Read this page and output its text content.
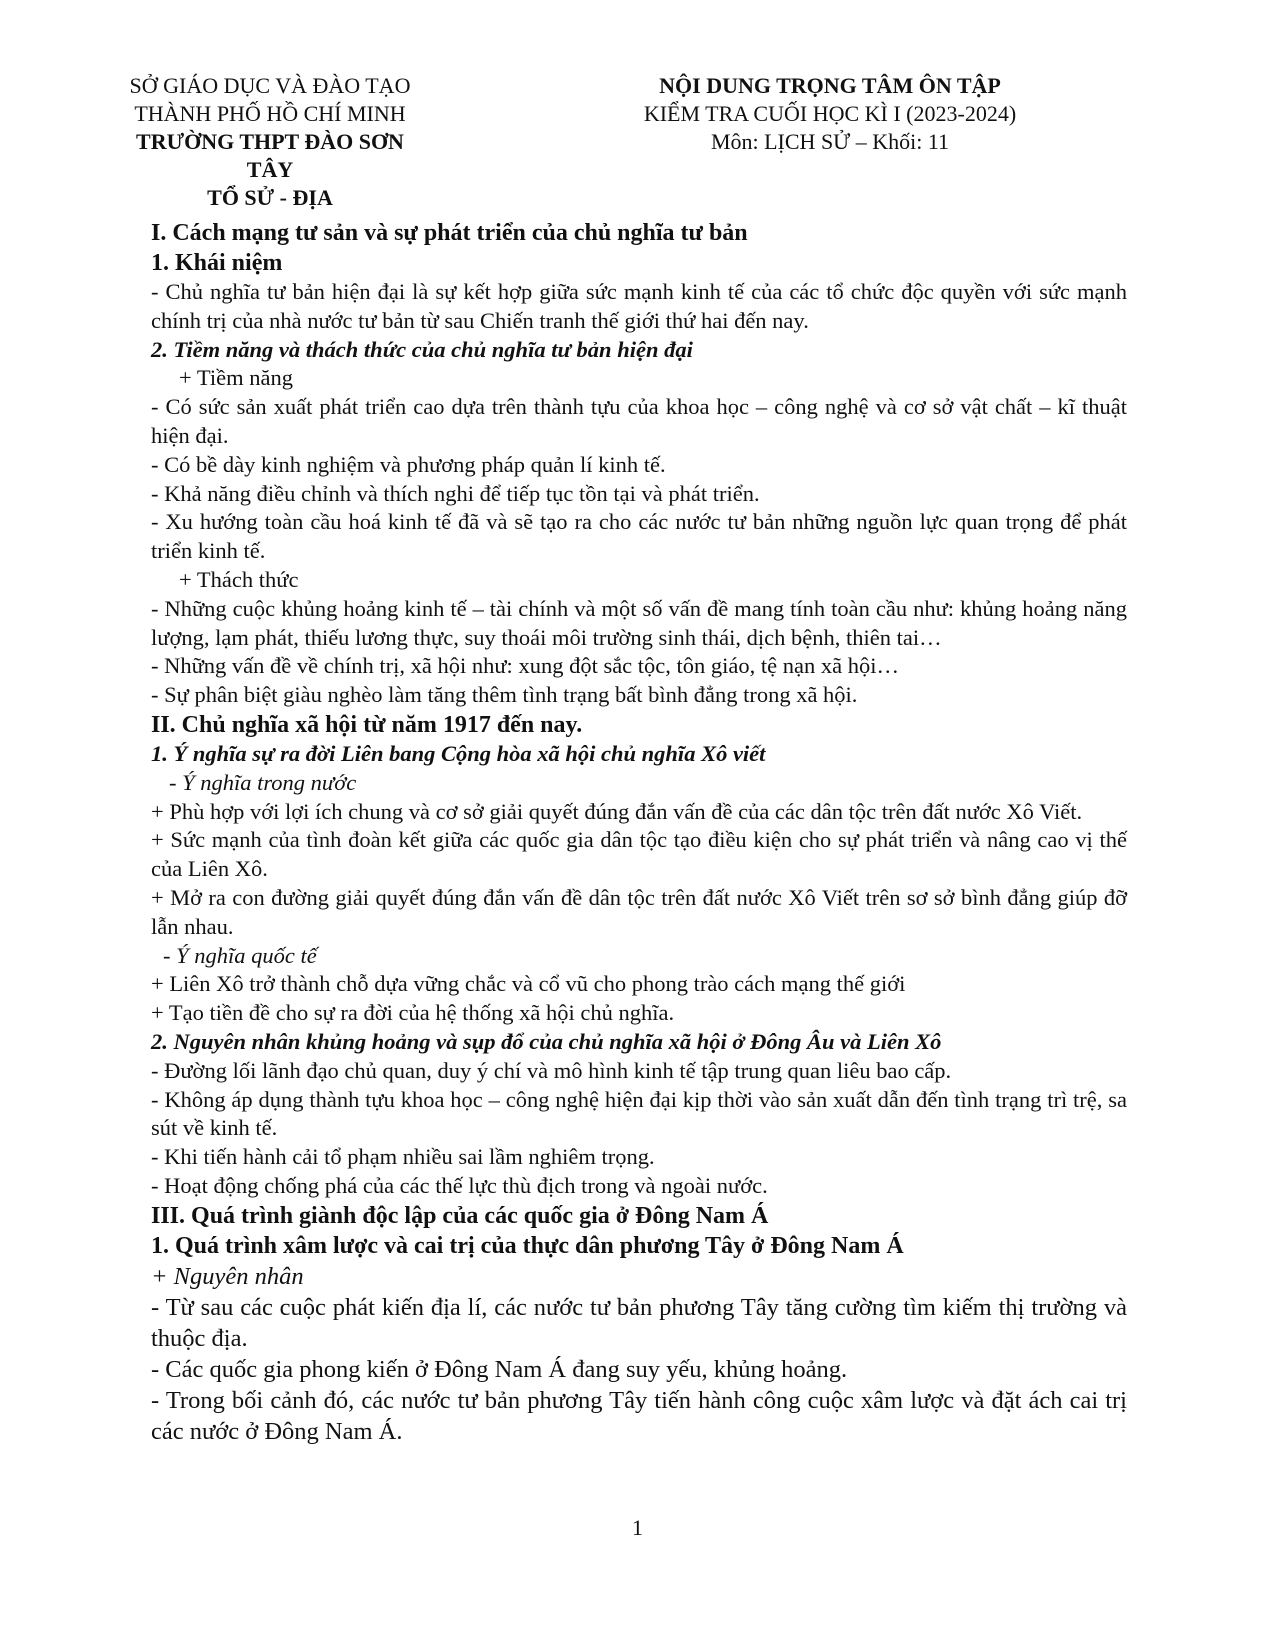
SỞ GIÁO DỤC VÀ ĐÀO TẠO
THÀNH PHỐ HỒ CHÍ MINH
TRƯỜNG THPT ĐÀO SƠN TÂY
TỔ SỬ - ĐỊA
NỘI DUNG TRỌNG TÂM ÔN TẬP
KIỂM TRA CUỐI HỌC KÌ I (2023-2024)
Môn: LỊCH SỬ – Khối: 11

I. Cách mạng tư sản và sự phát triển của chủ nghĩa tư bản

1. Khái niệm

- Chủ nghĩa tư bản hiện đại là sự kết hợp giữa sức mạnh kinh tế của các tổ chức độc quyền với sức mạnh chính trị của nhà nước tư bản từ sau Chiến tranh thế giới thứ hai đến nay.

2. Tiềm năng và thách thức của chủ nghĩa tư bản hiện đại

+ Tiềm năng

- Có sức sản xuất phát triển cao dựa trên thành tựu của khoa học – công nghệ và cơ sở vật chất – kĩ thuật hiện đại.

- Có bề dày kinh nghiệm và phương pháp quản lí kinh tế.

- Khả năng điều chỉnh và thích nghi để tiếp tục tồn tại và phát triển.

- Xu hướng toàn cầu hoá kinh tế đã và sẽ tạo ra cho các nước tư bản những nguồn lực quan trọng để phát triển kinh tế.

+ Thách thức

- Những cuộc khủng hoảng kinh tế – tài chính và một số vấn đề mang tính toàn cầu như: khủng hoảng năng lượng, lạm phát, thiếu lương thực, suy thoái môi trường sinh thái, dịch bệnh, thiên tai…

- Những vấn đề về chính trị, xã hội như: xung đột sắc tộc, tôn giáo, tệ nạn xã hội…

- Sự phân biệt giàu nghèo làm tăng thêm tình trạng bất bình đẳng trong xã hội.

II. Chủ nghĩa xã hội từ năm 1917 đến nay.

1. Ý nghĩa sự ra đời Liên bang Cộng hòa xã hội chủ nghĩa Xô viết

- Ý nghĩa trong nước

+ Phù hợp với lợi ích chung và cơ sở giải quyết đúng đắn vấn đề của các dân tộc trên đất nước Xô Viết.

+ Sức mạnh của tình đoàn kết giữa các quốc gia dân tộc tạo điều kiện cho sự phát triển và nâng cao vị thế của Liên Xô.

+ Mở ra con đường giải quyết đúng đắn vấn đề dân tộc trên đất nước Xô Viết trên sơ sở bình đẳng giúp đỡ lẫn nhau.

- Ý nghĩa quốc tế

+ Liên Xô trở thành chỗ dựa vững chắc và cổ vũ cho phong trào cách mạng thế giới

+ Tạo tiền đề cho sự ra đời của hệ thống xã hội chủ nghĩa.

2. Nguyên nhân khủng hoảng và sụp đổ của chủ nghĩa xã hội ở Đông Âu và Liên Xô

- Đường lối lãnh đạo chủ quan, duy ý chí và mô hình kinh tế tập trung quan liêu bao cấp.

- Không áp dụng thành tựu khoa học – công nghệ hiện đại kịp thời vào sản xuất dẫn đến tình trạng trì trệ, sa sút về kinh tế.

- Khi tiến hành cải tổ phạm nhiều sai lầm nghiêm trọng.

- Hoạt động chống phá của các thế lực thù địch trong và ngoài nước.

III. Quá trình giành độc lập của các quốc gia ở Đông Nam Á

1. Quá trình xâm lược và cai trị của thực dân phương Tây ở Đông Nam Á

+ Nguyên nhân

- Từ sau các cuộc phát kiến địa lí, các nước tư bản phương Tây tăng cường tìm kiếm thị trường và thuộc địa.

- Các quốc gia phong kiến ở Đông Nam Á đang suy yếu, khủng hoảng.

- Trong bối cảnh đó, các nước tư bản phương Tây tiến hành công cuộc xâm lược và đặt ách cai trị các nước ở Đông Nam Á.

1
